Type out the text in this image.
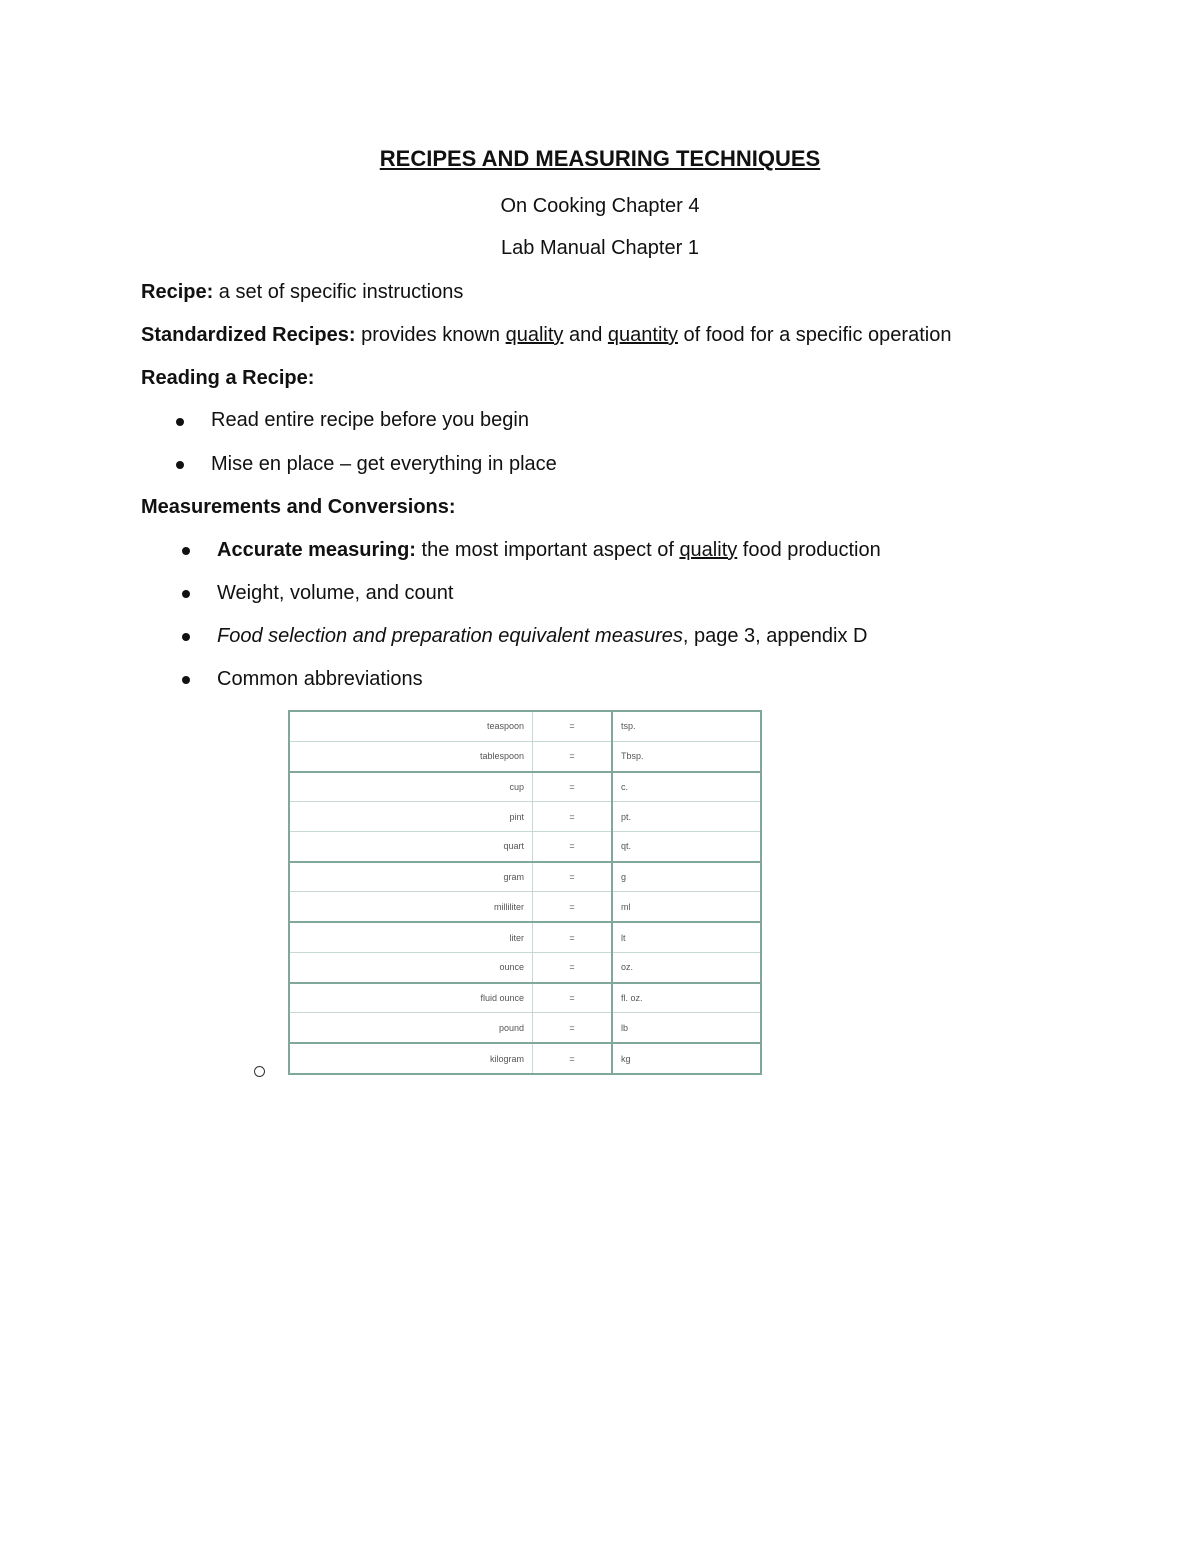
RECIPES AND MEASURING TECHNIQUES
On Cooking Chapter 4
Lab Manual Chapter 1
Recipe: a set of specific instructions
Standardized Recipes: provides known quality and quantity of food for a specific operation
Reading a Recipe:
Read entire recipe before you begin
Mise en place – get everything in place
Measurements and Conversions:
Accurate measuring: the most important aspect of quality food production
Weight, volume, and count
Food selection and preparation equivalent measures, page 3, appendix D
Common abbreviations
teaspoon	=	tsp.
tablespoon	=	Tbsp.
cup	=	c.
pint	=	pt.
quart	=	qt.
gram	=	g
milliliter	=	ml
liter	=	lt
ounce	=	oz.
fluid ounce	=	fl. oz.
pound	=	lb
kilogram	=	kg
